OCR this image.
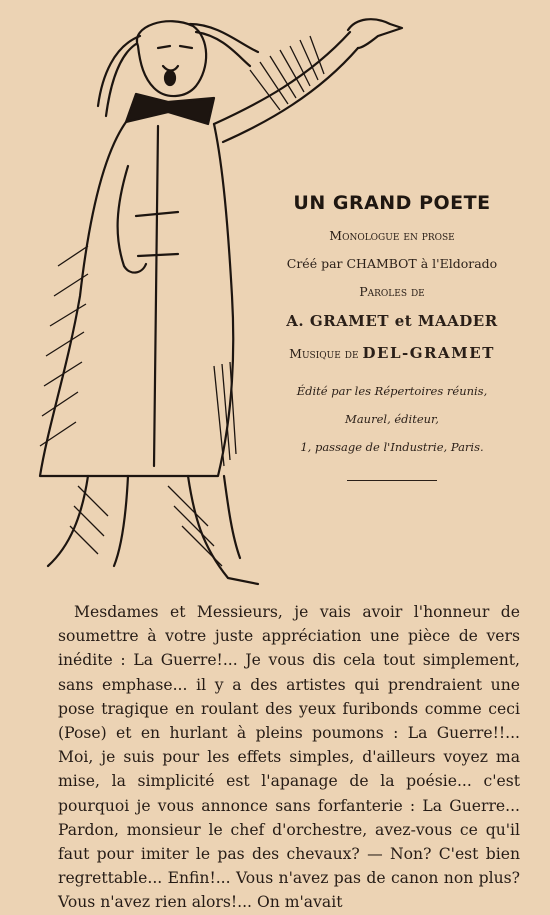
UN GRAND POETE
Monologue en prose
Créé par CHAMBOT à l'Eldorado
Paroles de
A. GRAMET et MAADER
Musique de DEL-GRAMET
Édité par les Répertoires réunis,
Maurel, éditeur,
1, passage de l'Industrie, Paris.

Mesdames et Messieurs, je vais avoir l'honneur de soumettre à votre juste appréciation une pièce de vers inédite : La Guerre!... Je vous dis cela tout simplement, sans emphase... il y a des artistes qui prendraient une pose tragique en roulant des yeux furibonds comme ceci (Pose) et en hurlant à pleins poumons : La Guerre!!... Moi, je suis pour les effets simples, d'ailleurs voyez ma mise, la simplicité est l'apanage de la poésie... c'est pourquoi je vous annonce sans forfanterie : La Guerre... Pardon, monsieur le chef d'orchestre, avez-vous ce qu'il faut pour imiter le pas des chevaux? — Non? C'est bien regrettable... Enfin!... Vous n'avez pas de canon non plus? Vous n'avez rien alors!... On m'avait
